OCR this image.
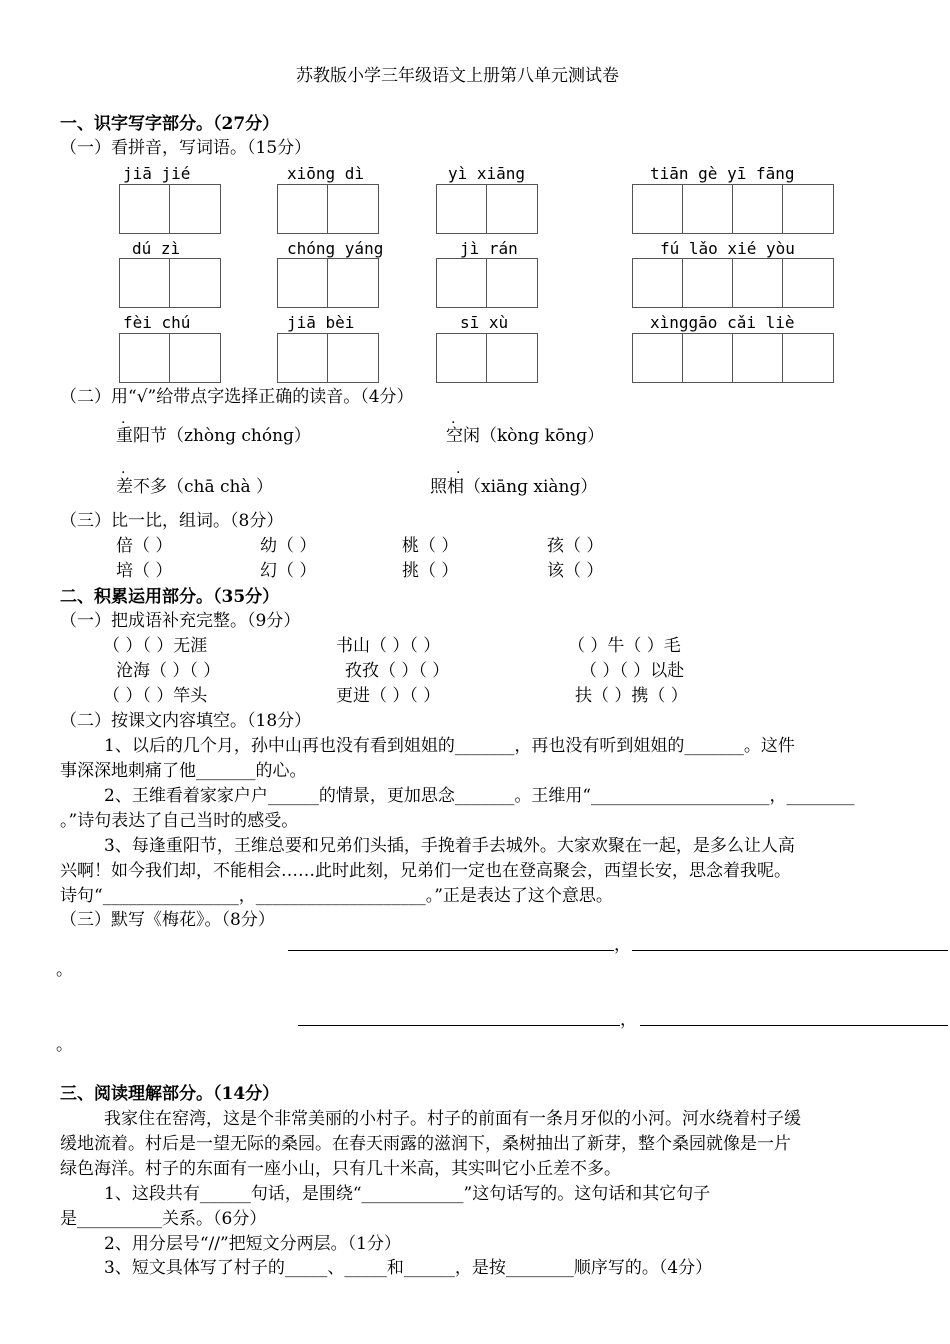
苏教版小学三年级语文上册第八单元测试卷
一、识字写字部分。（27分）
（一）看拼音，写词语。（15分）
jiā jié	xiōng dì	yì xiāng	tiān gè yī fāng
dú zì	chóng yáng	jì rán	fú lǎo xié yòu
fèi chú	jiā bèi	sī xù	xìnggāo cǎi liè
（二）用“√”给带点字选择正确的读音。（4分）
.	.
重阳节（zhònɡ chónɡ）	空闲（kònɡ kōnɡ）
.	.
差不多（chā chà ）	照相（xiānɡ xiànɡ）
（三）比一比，组词。（8分）
倍（ ）	幼（ ）	桃（ ）	孩（ ）
培（ ）	幻（ ）	挑（ ）	该（ ）
二、积累运用部分。（35分）
（一）把成语补充完整。（9分）
（ ）（ ）无涯	书山（ ）（ ）	（ ）牛（ ）毛
沧海（ ）（ ）	孜孜（ ）（ ）	（ ）（ ）以赴
（ ）（ ）竿头	更进（ ）（ ）	扶（ ）携（ ）
（二）按课文内容填空。（18分）
1、以后的几个月，孙中山再也没有看到姐姐的_______，再也没有听到姐姐的_______。这件
事深深地刺痛了他_______的心。
2、王维看着家家户户______的情景，更加思念_______。王维用“_____________________，________
。”诗句表达了自己当时的感受。
3、每逢重阳节，王维总要和兄弟们头插，手挽着手去城外。大家欢聚在一起，是多么让人高
兴啊！如今我们却，不能相会……此时此刻，兄弟们一定也在登高聚会，西望长安，思念着我呢。
诗句“________________，____________________。”正是表达了这个意思。
（三）默写《梅花》。（8分）
，
。
，
。
三、阅读理解部分。（14分）
我家住在窑湾，这是个非常美丽的小村子。村子的前面有一条月牙似的小河。河水绕着村子缓
缓地流着。村后是一望无际的桑园。在春天雨露的滋润下，桑树抽出了新芽，整个桑园就像是一片
绿色海洋。村子的东面有一座小山，只有几十米高，其实叫它小丘差不多。
1、这段共有______句话，是围绕“____________”这句话写的。这句话和其它句子
是__________关系。（6分）
2、用分层号“//”把短文分两层。（1分）
3、短文具体写了村子的_____、_____和______，是按________顺序写的。（4分）
